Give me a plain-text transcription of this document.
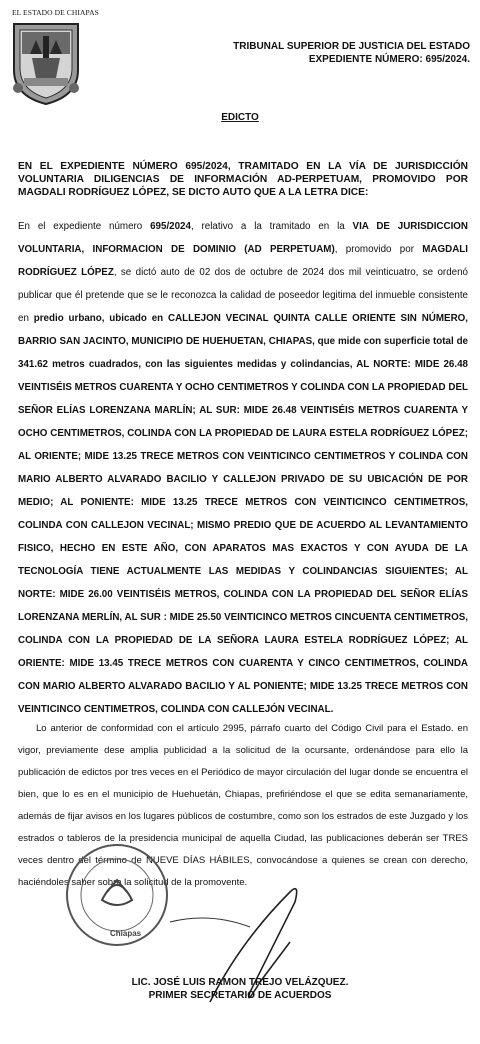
EL ESTADO DE CHIAPAS
TRIBUNAL SUPERIOR DE JUSTICIA DEL ESTADO
EXPEDIENTE NÚMERO: 695/2024.
EDICTO
EN EL EXPEDIENTE NÚMERO 695/2024, TRAMITADO EN LA VÍA DE JURISDICCIÓN VOLUNTARIA DILIGENCIAS DE INFORMACIÓN AD-PERPETUAM, PROMOVIDO POR MAGDALI RODRÍGUEZ LÓPEZ, SE DICTO AUTO QUE A LA LETRA DICE:
En el expediente número 695/2024, relativo a la tramitado en la VIA DE JURISDICCION VOLUNTARIA, INFORMACION DE DOMINIO (AD PERPETUAM), promovido por MAGDALI RODRÍGUEZ LÓPEZ, se dictó auto de 02 dos de octubre de 2024 dos mil veinticuatro, se ordenó publicar que él pretende que se le reconozca la calidad de poseedor legitima del inmueble consistente en predio urbano, ubicado en CALLEJON VECINAL QUINTA CALLE ORIENTE SIN NÚMERO, BARRIO SAN JACINTO, MUNICIPIO DE HUEHUETAN, CHIAPAS, que mide con superficie total de 341.62 metros cuadrados, con las siguientes medidas y colindancias, AL NORTE: MIDE 26.48 VEINTISÉIS METROS CUARENTA Y OCHO CENTIMETROS Y COLINDA CON LA PROPIEDAD DEL SEÑOR ELÍAS LORENZANA MARLÍN; AL SUR: MIDE 26.48 VEINTISÉIS METROS CUARENTA Y OCHO CENTIMETROS, COLINDA CON LA PROPIEDAD DE LAURA ESTELA RODRÍGUEZ LÓPEZ; AL ORIENTE; MIDE 13.25 TRECE METROS CON VEINTICINCO CENTIMETROS Y COLINDA CON MARIO ALBERTO ALVARADO BACILIO Y CALLEJON PRIVADO DE SU UBICACIÓN DE POR MEDIO; AL PONIENTE: MIDE 13.25 TRECE METROS CON VEINTICINCO CENTIMETROS, COLINDA CON CALLEJON VECINAL; MISMO PREDIO QUE DE ACUERDO AL LEVANTAMIENTO FISICO, HECHO EN ESTE AÑO, CON APARATOS MAS EXACTOS Y CON AYUDA DE LA TECNOLOGÍA TIENE ACTUALMENTE LAS MEDIDAS Y COLINDANCIAS SIGUIENTES; AL NORTE: MIDE 26.00 VEINTISÉIS METROS, COLINDA CON LA PROPIEDAD DEL SEÑOR ELÍAS LORENZANA MERLÍN, AL SUR : MIDE 25.50 VEINTICINCO METROS CINCUENTA CENTIMETROS, COLINDA CON LA PROPIEDAD DE LA SEÑORA LAURA ESTELA RODRÍGUEZ LÓPEZ; AL ORIENTE: MIDE 13.45 TRECE METROS CON CUARENTA Y CINCO CENTIMETROS, COLINDA CON MARIO ALBERTO ALVARADO BACILIO Y AL PONIENTE; MIDE 13.25 TRECE METROS CON VEINTICINCO CENTIMETROS, COLINDA CON CALLEJÓN VECINAL.
Lo anterior de conformidad con el artículo 2995, párrafo cuarto del Código Civil para el Estado. en vigor, previamente dese amplia publicidad a la solicitud de la ocursante, ordenándose para ello la publicación de edictos por tres veces en el Periódico de mayor circulación del lugar donde se encuentra el bien, que lo es en el municipio de Huehuetán, Chiapas, prefiriéndose el que se edita semanariamente, además de fijar avisos en los lugares públicos de costumbre, como son los estrados de este Juzgado y los estrados o tableros de la presidencia municipal de aquella Ciudad, las publicaciones deberán ser TRES veces dentro del término de NUEVE DÍAS HÁBILES, convocándose a quienes se crean con derecho, haciéndoles saber sobre la solicitud de la promovente.
Chiapas
LIC. JOSÉ LUIS RAMON TREJO VELÁZQUEZ.
PRIMER SECRETARIO DE ACUERDOS
